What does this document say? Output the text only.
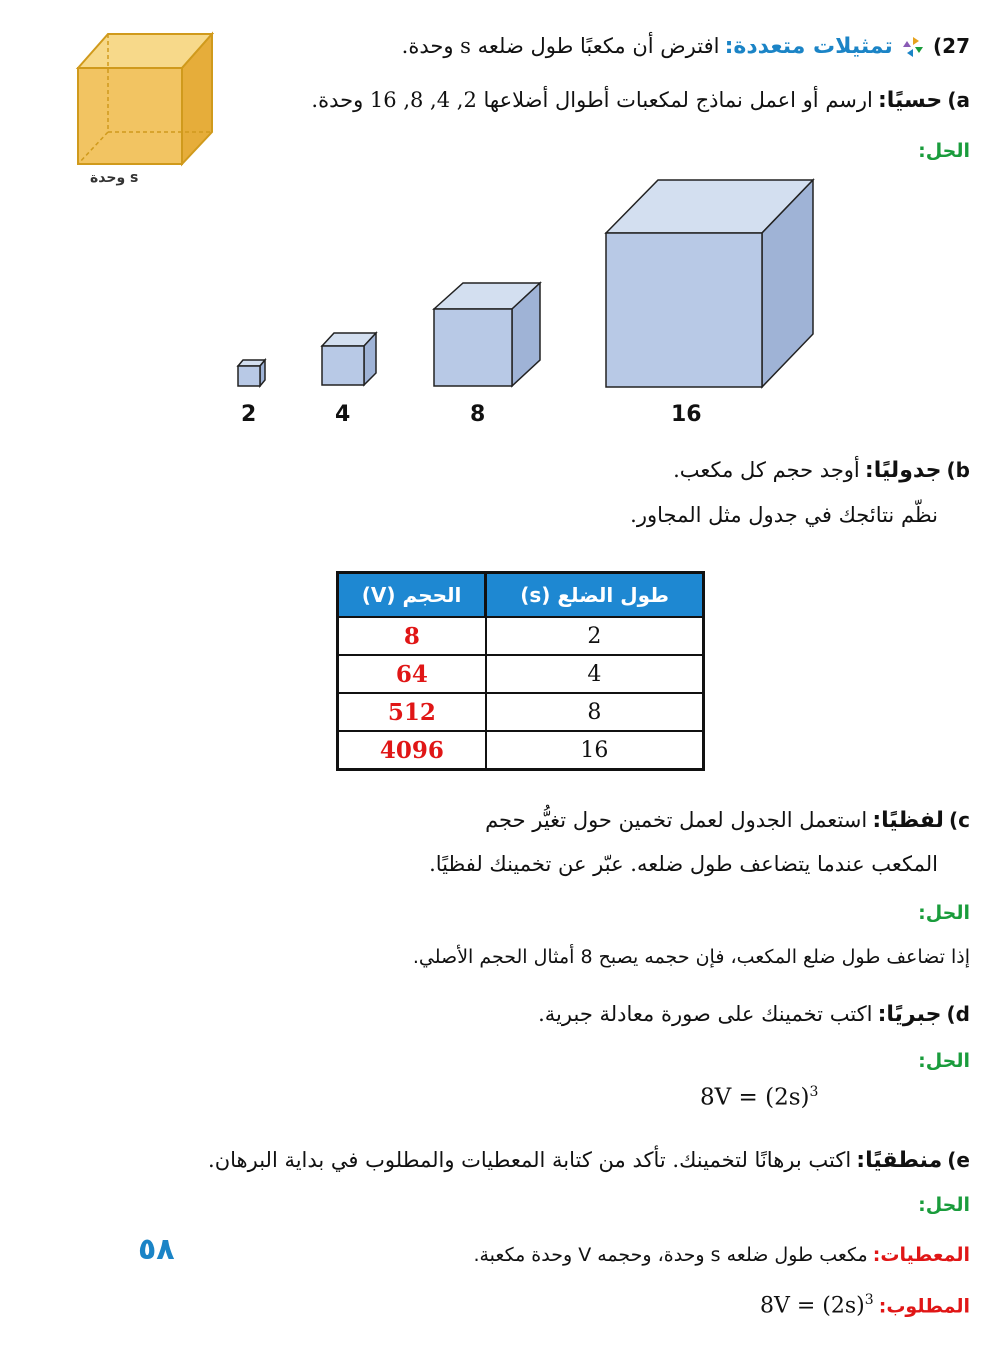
27)  تمثيلات متعددة: افترض أن مكعبًا طول ضلعه s وحدة.
s وحدة
a) حسيًا: ارسم أو اعمل نماذج لمكعبات أطوال أضلاعها 2, 4, 8, 16 وحدة.
الحل:
2	4	8	16
b) جدوليًا: أوجد حجم كل مكعب.
نظّم نتائجك في جدول مثل المجاور.
الحجم (V)	طول الضلع (s)
8	2
64	4
512	8
4096	16
c) لفظيًا: استعمل الجدول لعمل تخمين حول تغيُّر حجم
المكعب عندما يتضاعف طول ضلعه. عبّر عن تخمينك لفظيًا.
الحل:
إذا تضاعف طول ضلع المكعب، فإن حجمه يصبح 8 أمثال الحجم الأصلي.
d) جبريًا: اكتب تخمينك على صورة معادلة جبرية.
الحل:
$8V = (2s)^3$
e) منطقيًا: اكتب برهانًا لتخمينك. تأكد من كتابة المعطيات والمطلوب في بداية البرهان.
الحل:
المعطيات: مكعب طول ضلعه s وحدة، وحجمه V وحدة مكعبة.
المطلوب: $8V = (2s)^3$
٥٨
